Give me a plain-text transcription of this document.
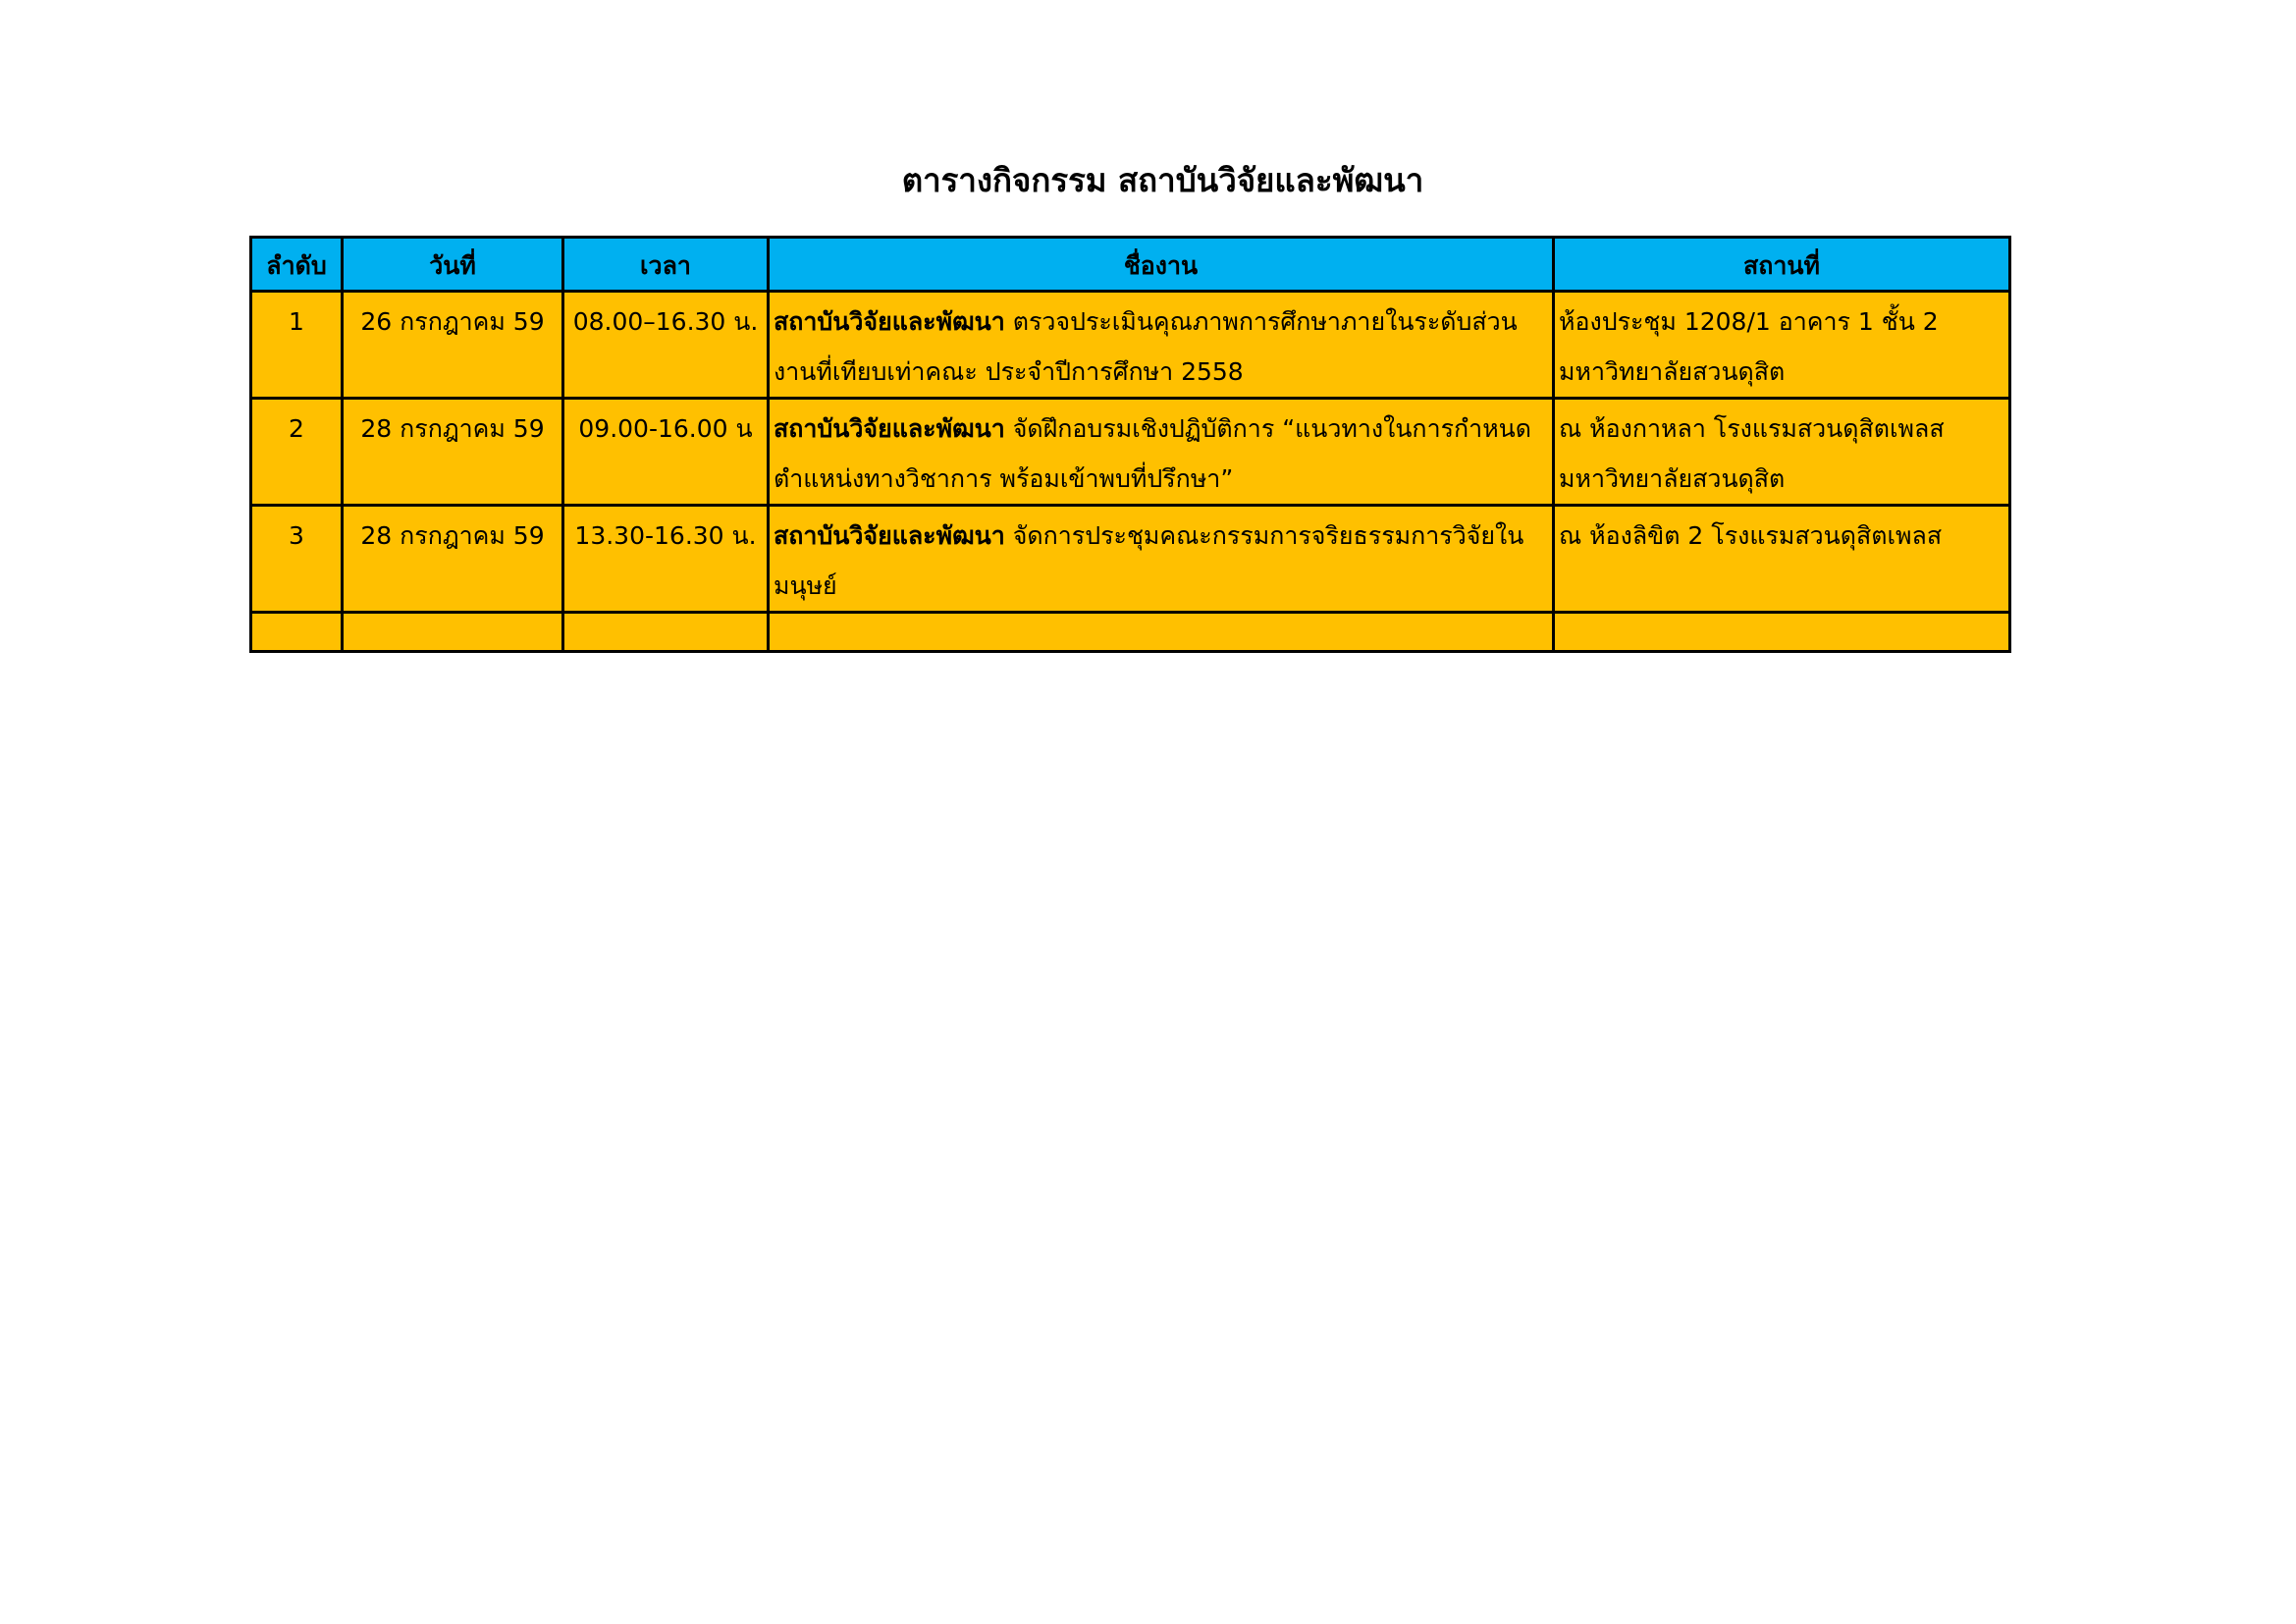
ตารางกิจกรรม สถาบันวิจัยและพัฒนา
ลำดับ	วันที่	เวลา	ชื่องาน	สถานที่
1	26 กรกฎาคม 59	08.00–16.30 น.	สถาบันวิจัยและพัฒนา ตรวจประเมินคุณภาพการศึกษาภายในระดับส่วนงานที่เทียบเท่าคณะ ประจำปีการศึกษา 2558	ห้องประชุม 1208/1 อาคาร 1 ชั้น 2 มหาวิทยาลัยสวนดุสิต
2	28 กรกฎาคม 59	09.00-16.00 น	สถาบันวิจัยและพัฒนา จัดฝึกอบรมเชิงปฏิบัติการ “แนวทางในการกำหนดตำแหน่งทางวิชาการ พร้อมเข้าพบที่ปรึกษา”	ณ ห้องกาหลา โรงแรมสวนดุสิตเพลส มหาวิทยาลัยสวนดุสิต
3	28 กรกฎาคม 59	13.30-16.30 น.	สถาบันวิจัยและพัฒนา จัดการประชุมคณะกรรมการจริยธรรมการวิจัยในมนุษย์	ณ ห้องลิขิต 2 โรงแรมสวนดุสิตเพลส
